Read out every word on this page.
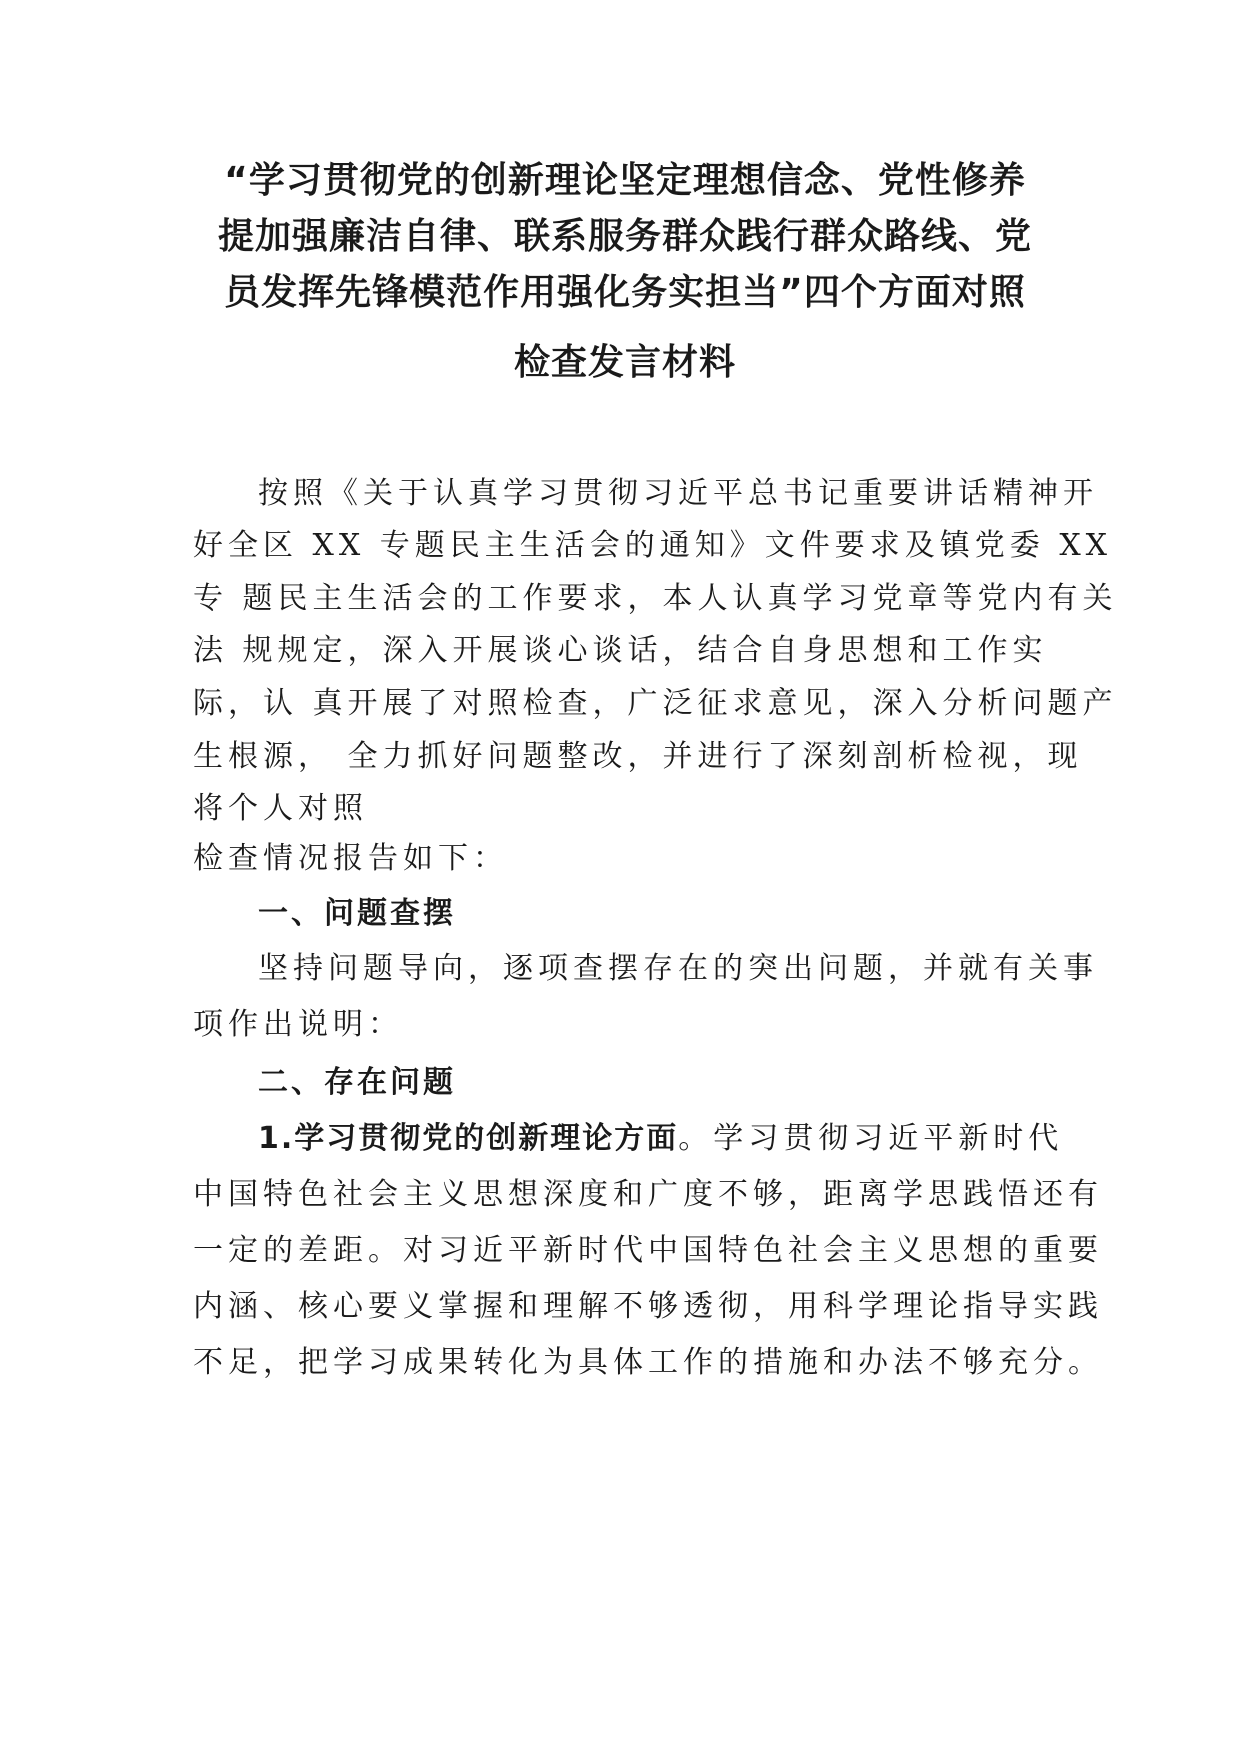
“学习贯彻党的创新理论坚定理想信念、党性修养
提加强廉洁自律、联系服务群众践行群众路线、党
员发挥先锋模范作用强化务实担当”四个方面对照
检查发言材料
按照《关于认真学习贯彻习近平总书记重要讲话精神开
好全区 XX 专题民主生活会的通知》文件要求及镇党委 XX
专 题民主生活会的工作要求，本人认真学习党章等党内有关
法 规规定，深入开展谈心谈话，结合自身思想和工作实
际，认 真开展了对照检查，广泛征求意见，深入分析问题产
生根源， 全力抓好问题整改，并进行了深刻剖析检视，现
将个人对照
检查情况报告如下：
一、问题查摆
坚持问题导向，逐项查摆存在的突出问题，并就有关事
项作出说明：
二、存在问题
1.学习贯彻党的创新理论方面。学习贯彻习近平新时代
中国特色社会主义思想深度和广度不够，距离学思践悟还有
一定的差距。对习近平新时代中国特色社会主义思想的重要
内涵、核心要义掌握和理解不够透彻，用科学理论指导实践
不足，把学习成果转化为具体工作的措施和办法不够充分。
